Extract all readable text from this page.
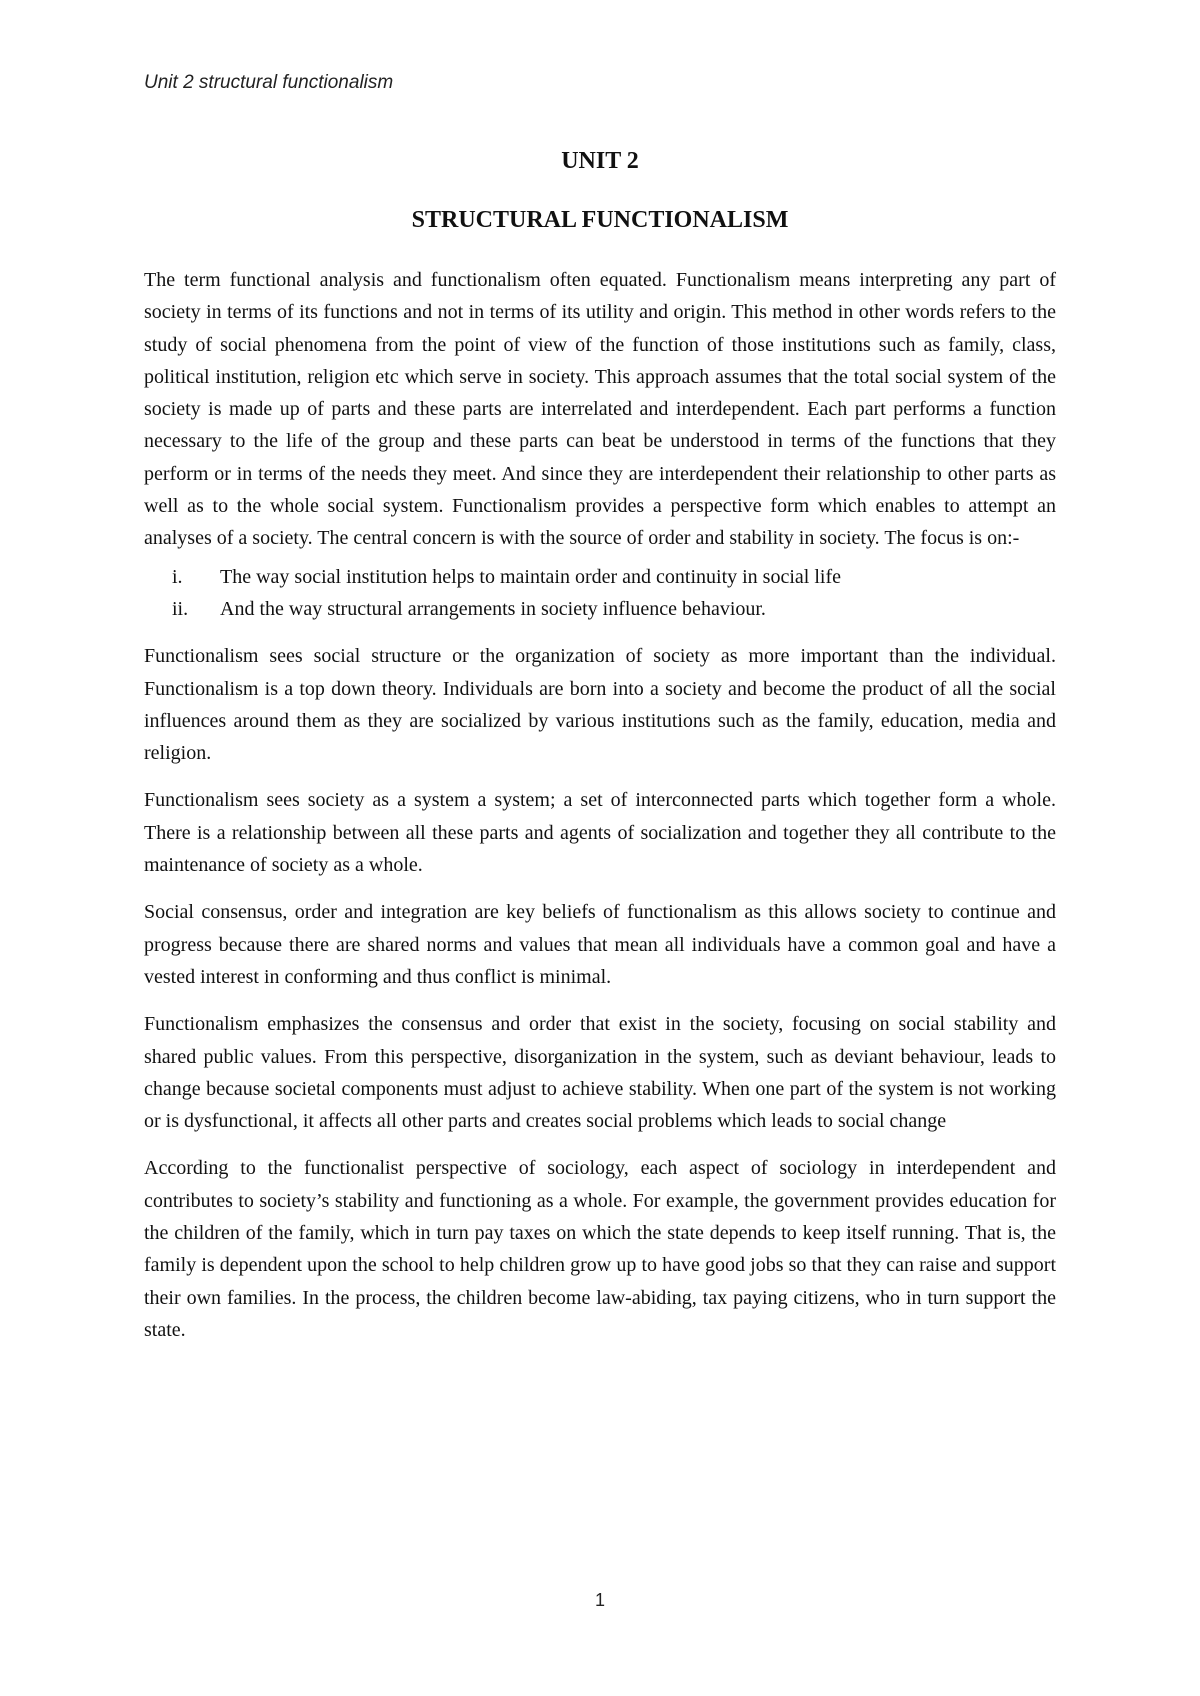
Unit 2 structural functionalism
UNIT 2
STRUCTURAL FUNCTIONALISM

The term functional analysis and functionalism often equated. Functionalism means interpreting any part of society in terms of its functions and not in terms of its utility and origin. This method in other words refers to the study of social phenomena from the point of view of the function of those institutions such as family, class, political institution, religion etc which serve in society. This approach assumes that the total social system of the society is made up of parts and these parts are interrelated and interdependent. Each part performs a function necessary to the life of the group and these parts can beat be understood in terms of the functions that they perform or in terms of the needs they meet. And since they are interdependent their relationship to other parts as well as to the whole social system. Functionalism provides a perspective form which enables to attempt an analyses of a society. The central concern is with the source of order and stability in society. The focus is on:-

i.	The way social institution helps to maintain order and continuity in social life
ii.	And the way structural arrangements in society influence behaviour.

Functionalism sees social structure or the organization of society as more important than the individual. Functionalism is a top down theory. Individuals are born into a society and become the product of all the social influences around them as they are socialized by various institutions such as the family, education, media and religion.

Functionalism sees society as a system a system; a set of interconnected parts which together form a whole. There is a relationship between all these parts and agents of socialization and together they all contribute to the maintenance of society as a whole.

Social consensus, order and integration are key beliefs of functionalism as this allows society to continue and progress because there are shared norms and values that mean all individuals have a common goal and have a vested interest in conforming and thus conflict is minimal.

Functionalism emphasizes the consensus and order that exist in the society, focusing on social stability and shared public values. From this perspective, disorganization in the system, such as deviant behaviour, leads to change because societal components must adjust to achieve stability. When one part of the system is not working or is dysfunctional, it affects all other parts and creates social problems which leads to social change

According to the functionalist perspective of sociology, each aspect of sociology in interdependent and contributes to society’s stability and functioning as a whole. For example, the government provides education for the children of the family, which in turn pay taxes on which the state depends to keep itself running. That is, the family is dependent upon the school to help children grow up to have good jobs so that they can raise and support their own families. In the process, the children become law-abiding, tax paying citizens, who in turn support the state.

1
